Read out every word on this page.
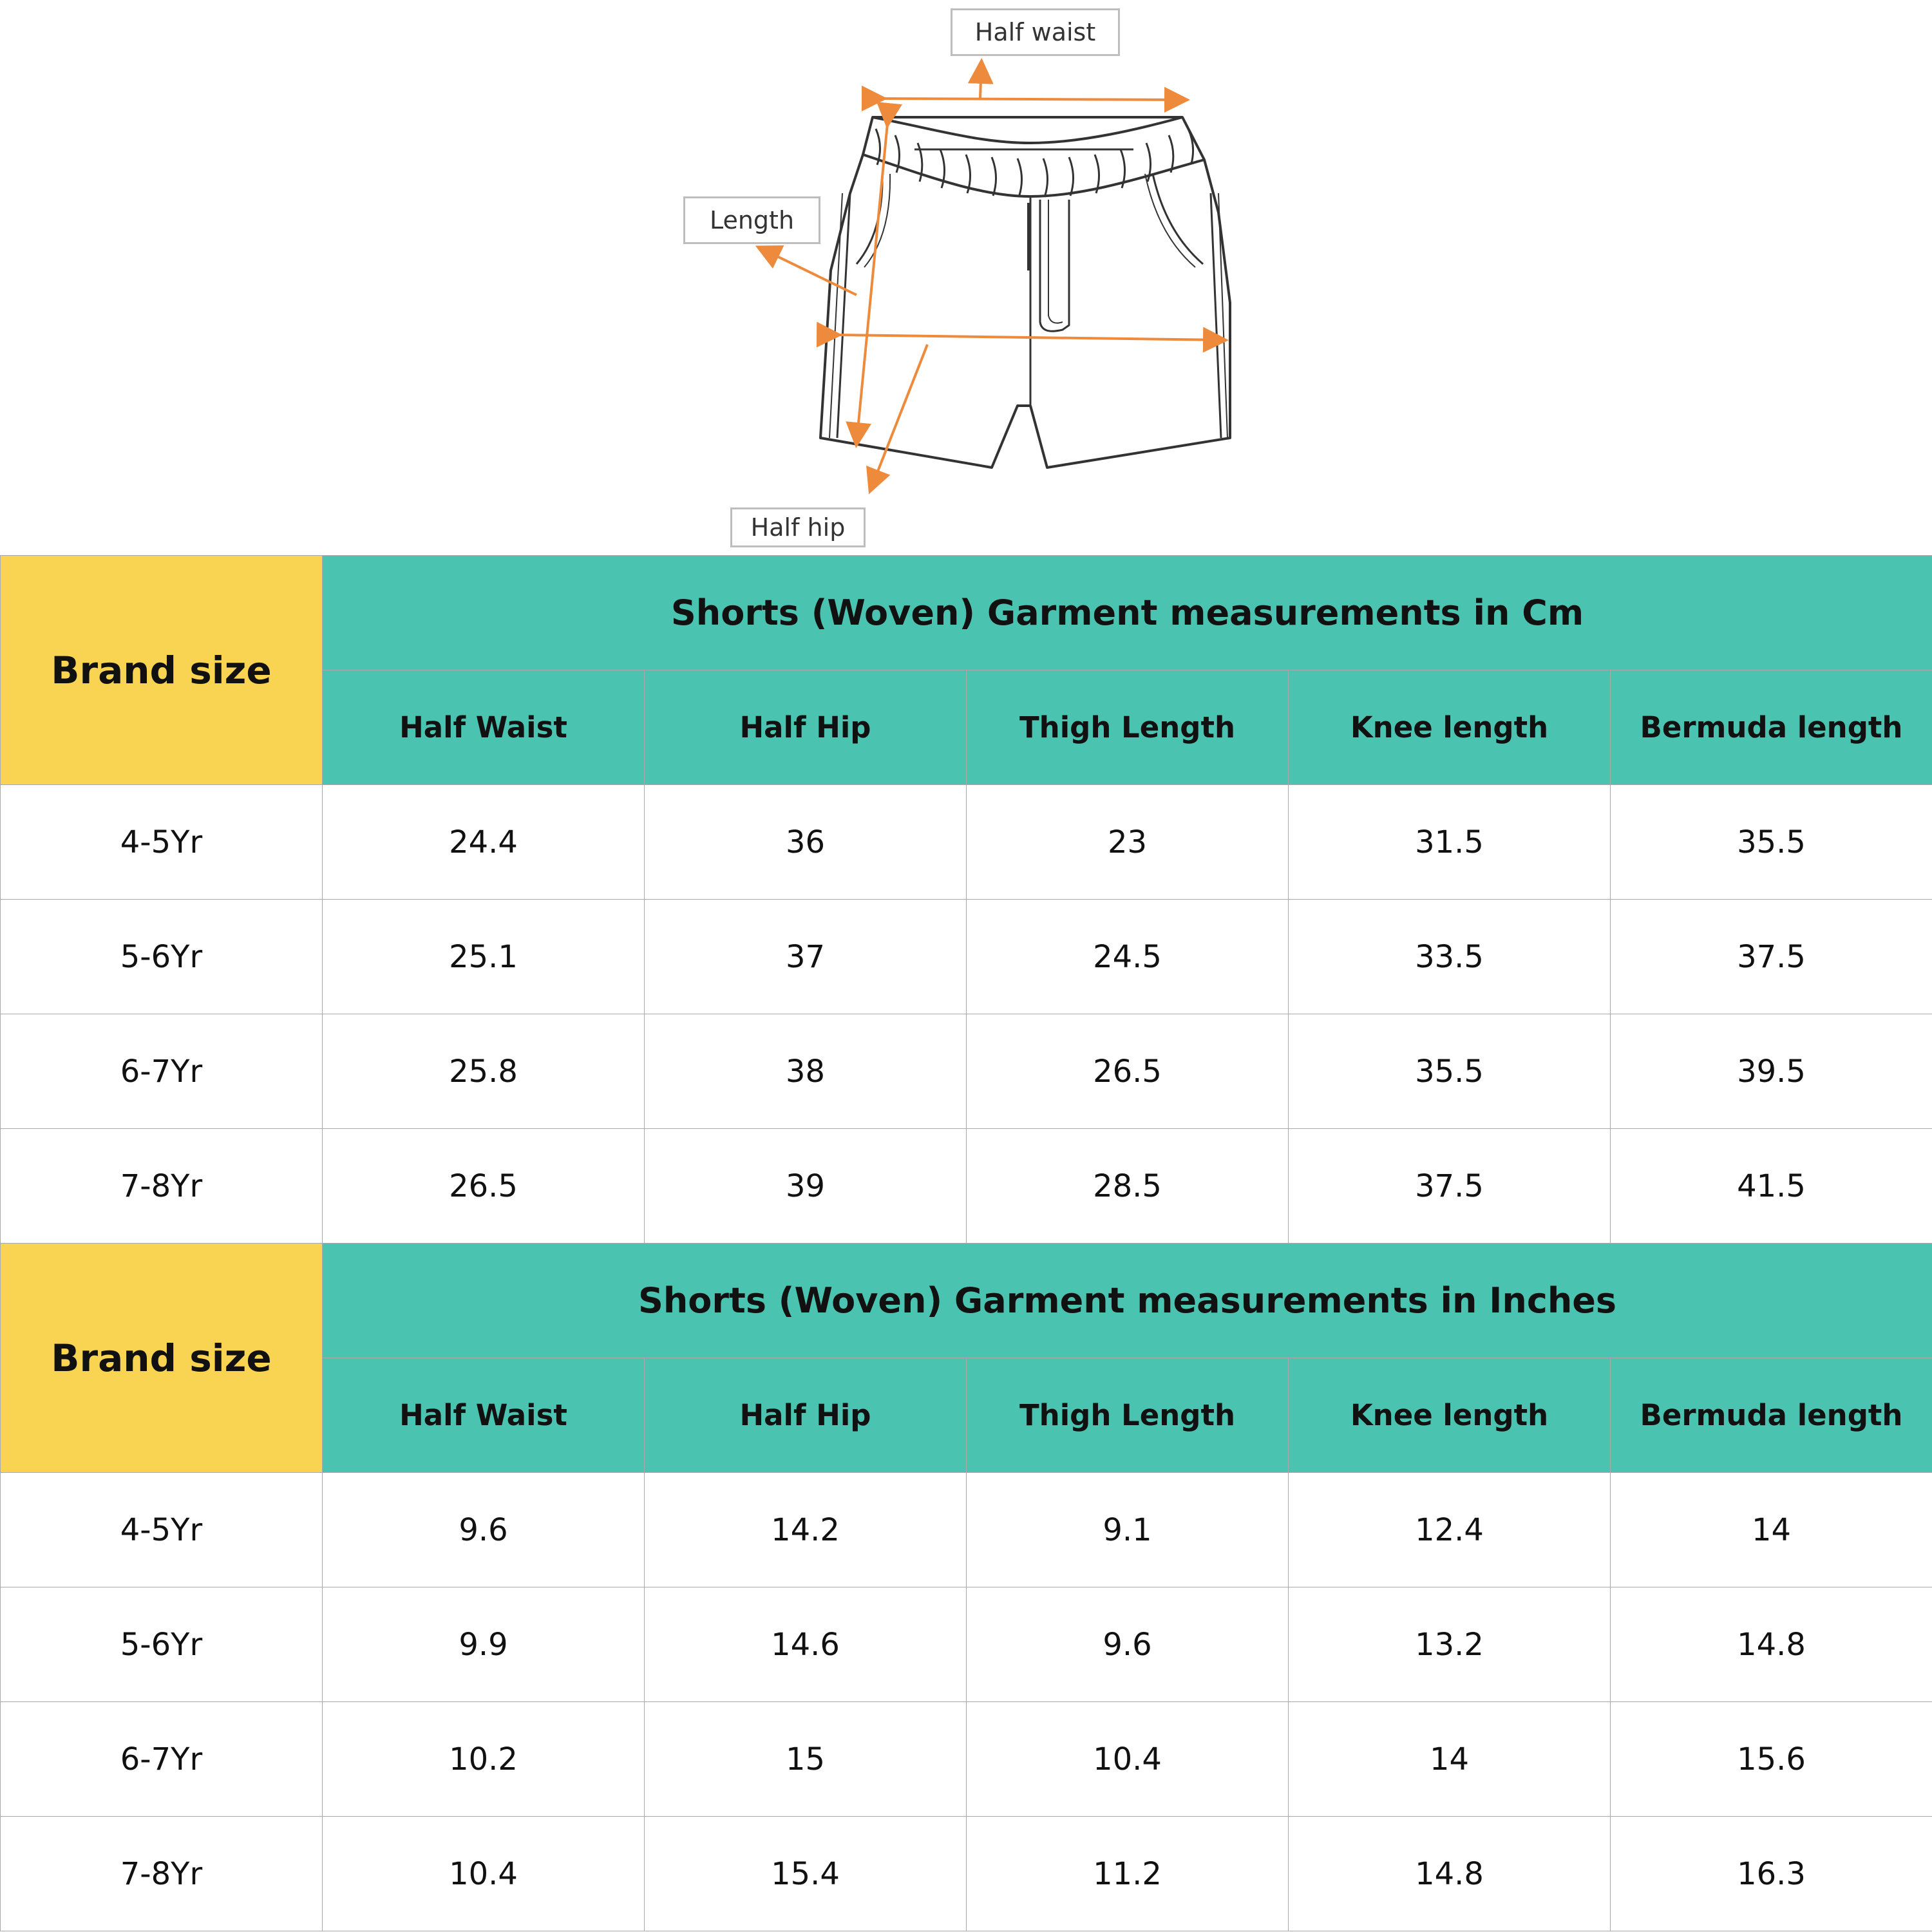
Half waist
Length
Half hip
Brand size	Shorts (Woven) Garment measurements in Cm				
	Half Waist	Half Hip	Thigh Length	Knee length	Bermuda length
4-5Yr	24.4	36	23	31.5	35.5
5-6Yr	25.1	37	24.5	33.5	37.5
6-7Yr	25.8	38	26.5	35.5	39.5
7-8Yr	26.5	39	28.5	37.5	41.5
Brand size	Shorts (Woven) Garment measurements in Inches				
	Half Waist	Half Hip	Thigh Length	Knee length	Bermuda length
4-5Yr	9.6	14.2	9.1	12.4	14
5-6Yr	9.9	14.6	9.6	13.2	14.8
6-7Yr	10.2	15	10.4	14	15.6
7-8Yr	10.4	15.4	11.2	14.8	16.3
